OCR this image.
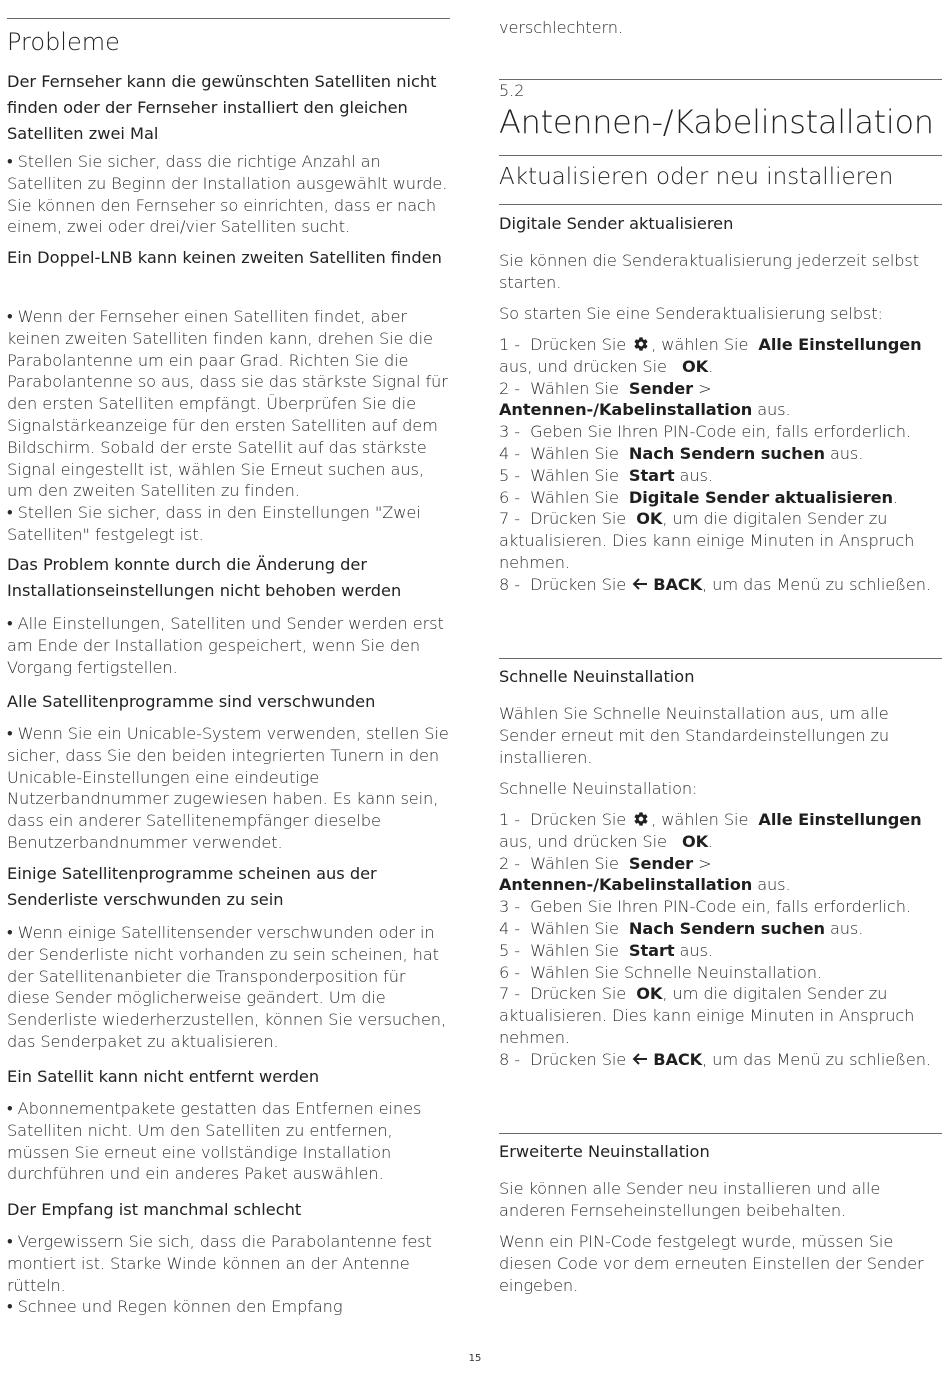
Probleme
Der Fernseher kann die gewünschten Satelliten nicht finden oder der Fernseher installiert den gleichen Satelliten zwei Mal
• Stellen Sie sicher, dass die richtige Anzahl an Satelliten zu Beginn der Installation ausgewählt wurde. Sie können den Fernseher so einrichten, dass er nach einem, zwei oder drei/vier Satelliten sucht.
Ein Doppel-LNB kann keinen zweiten Satelliten finden
• Wenn der Fernseher einen Satelliten findet, aber keinen zweiten Satelliten finden kann, drehen Sie die Parabolantenne um ein paar Grad. Richten Sie die Parabolantenne so aus, dass sie das stärkste Signal für den ersten Satelliten empfängt. Überprüfen Sie die Signalstärkeanzeige für den ersten Satelliten auf dem Bildschirm. Sobald der erste Satellit auf das stärkste Signal eingestellt ist, wählen Sie Erneut suchen aus, um den zweiten Satelliten zu finden.
• Stellen Sie sicher, dass in den Einstellungen "Zwei Satelliten" festgelegt ist.
Das Problem konnte durch die Änderung der Installationseinstellungen nicht behoben werden
• Alle Einstellungen, Satelliten und Sender werden erst am Ende der Installation gespeichert, wenn Sie den Vorgang fertigstellen.
Alle Satellitenprogramme sind verschwunden
• Wenn Sie ein Unicable-System verwenden, stellen Sie sicher, dass Sie den beiden integrierten Tunern in den Unicable-Einstellungen eine eindeutige Nutzerbandnummer zugewiesen haben. Es kann sein, dass ein anderer Satellitenempfänger dieselbe Benutzerbandnummer verwendet.
Einige Satellitenprogramme scheinen aus der Senderliste verschwunden zu sein
• Wenn einige Satellitensender verschwunden oder in der Senderliste nicht vorhanden zu sein scheinen, hat der Satellitenanbieter die Transponderposition für diese Sender möglicherweise geändert. Um die Senderliste wiederherzustellen, können Sie versuchen, das Senderpaket zu aktualisieren.
Ein Satellit kann nicht entfernt werden
• Abonnementpakete gestatten das Entfernen eines Satelliten nicht. Um den Satelliten zu entfernen, müssen Sie erneut eine vollständige Installation durchführen und ein anderes Paket auswählen.
Der Empfang ist manchmal schlecht
• Vergewissern Sie sich, dass die Parabolantenne fest montiert ist. Starke Winde können an der Antenne rütteln.
• Schnee und Regen können den Empfang
verschlechtern.
5.2
Antennen-/Kabelinstallation
Aktualisieren oder neu installieren
Digitale Sender aktualisieren
Sie können die Senderaktualisierung jederzeit selbst starten.
So starten Sie eine Senderaktualisierung selbst:
1 -  Drücken Sie , wählen Sie  Alle Einstellungen aus, und drücken Sie   OK.
2 -  Wählen Sie  Sender >   Antennen-/Kabelinstallation aus.
3 -  Geben Sie Ihren PIN-Code ein, falls erforderlich.
4 -  Wählen Sie  Nach Sendern suchen aus.
5 -  Wählen Sie  Start aus.
6 -  Wählen Sie  Digitale Sender aktualisieren.
7 -  Drücken Sie  OK, um die digitalen Sender zu aktualisieren. Dies kann einige Minuten in Anspruch nehmen.
8 -  Drücken Sie BACK, um das Menü zu schließen.
Schnelle Neuinstallation
Wählen Sie Schnelle Neuinstallation aus, um alle Sender erneut mit den Standardeinstellungen zu installieren.
Schnelle Neuinstallation:
1 -  Drücken Sie , wählen Sie  Alle Einstellungen aus, und drücken Sie   OK.
2 -  Wählen Sie  Sender >   Antennen-/Kabelinstallation aus.
3 -  Geben Sie Ihren PIN-Code ein, falls erforderlich.
4 -  Wählen Sie  Nach Sendern suchen aus.
5 -  Wählen Sie  Start aus.
6 -  Wählen Sie Schnelle Neuinstallation.
7 -  Drücken Sie  OK, um die digitalen Sender zu aktualisieren. Dies kann einige Minuten in Anspruch nehmen.
8 -  Drücken Sie BACK, um das Menü zu schließen.
Erweiterte Neuinstallation
Sie können alle Sender neu installieren und alle anderen Fernseheinstellungen beibehalten.
Wenn ein PIN-Code festgelegt wurde, müssen Sie diesen Code vor dem erneuten Einstellen der Sender eingeben.
15
